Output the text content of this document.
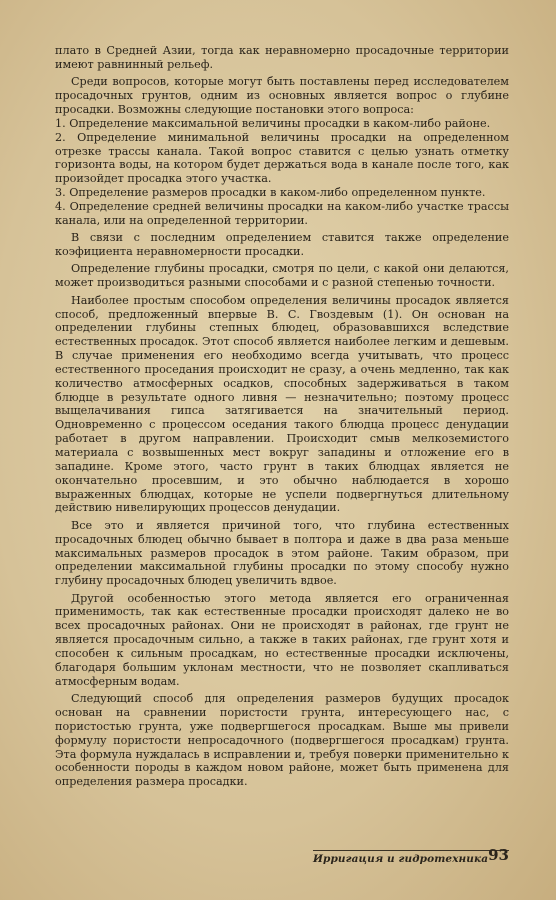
плато в Средней Азии, тогда как неравномерно просадочные территории имеют равнинный рельеф.

Среди вопросов, которые могут быть поставлены перед исследователем просадочных грунтов, одним из основных является вопрос о глубине просадки. Возможны следующие постановки этого вопроса:

1. Определение максимальной величины просадки в каком-либо районе.

2. Определение минимальной величины просадки на определенном отрезке трассы канала. Такой вопрос ставится с целью узнать отметку горизонта воды, на котором будет держаться вода в канале после того, как произойдет просадка этого участка.

3. Определение размеров просадки в каком-либо определенном пункте.

4. Определение средней величины просадки на каком-либо участке трассы канала, или на определенной территории.

В связи с последним определением ставится также определение коэфициента неравномерности просадки.

Определение глубины просадки, смотря по цели, с какой они делаются, может производиться разными способами и с разной степенью точности.

Наиболее простым способом определения величины просадок является способ, предложенный впервые В. С. Гвоздевым (1). Он основан на определении глубины степных блюдец, образовавшихся вследствие естественных просадок. Этот способ является наиболее легким и дешевым. В случае применения его необходимо всегда учитывать, что процесс естественного проседания происходит не сразу, а очень медленно, так как количество атмосферных осадков, способных задерживаться в таком блюдце в результате одного ливня — незначительно; поэтому процесс выщелачивания гипса затягивается на значительный период. Одновременно с процессом оседания такого блюдца процесс денудации работает в другом направлении. Происходит смыв мелкоземистого материала с возвышенных мест вокруг западины и отложение его в западине. Кроме этого, часто грунт в таких блюдцах является не окончательно просевшим, и это обычно наблюдается в хорошо выраженных блюдцах, которые не успели подвергнуться длительному действию нивелирующих процессов денудации.

Все это и является причиной того, что глубина естественных просадочных блюдец обычно бывает в полтора и даже в два раза меньше максимальных размеров просадок в этом районе. Таким образом, при определении максимальной глубины просадки по этому способу нужно глубину просадочных блюдец увеличить вдвое.

Другой особенностью этого метода является его ограниченная применимость, так как естественные просадки происходят далеко не во всех просадочных районах. Они не происходят в районах, где грунт не является просадочным сильно, а также в таких районах, где грунт хотя и способен к сильным просадкам, но естественные просадки исключены, благодаря большим уклонам местности, что не позволяет скапливаться атмосферным водам.

Следующий способ для определения размеров будущих просадок основан на сравнении пористости грунта, интересующего нас, с пористостью грунта, уже подвергшегося просадкам. Выше мы привели формулу пористости непросадочного (подвергшегося просадкам) грунта. Эта формула нуждалась в исправлении и, требуя поверки применительно к особенности породы в каждом новом районе, может быть применена для определения размера просадки.

Ирригация и гидротехника 93
